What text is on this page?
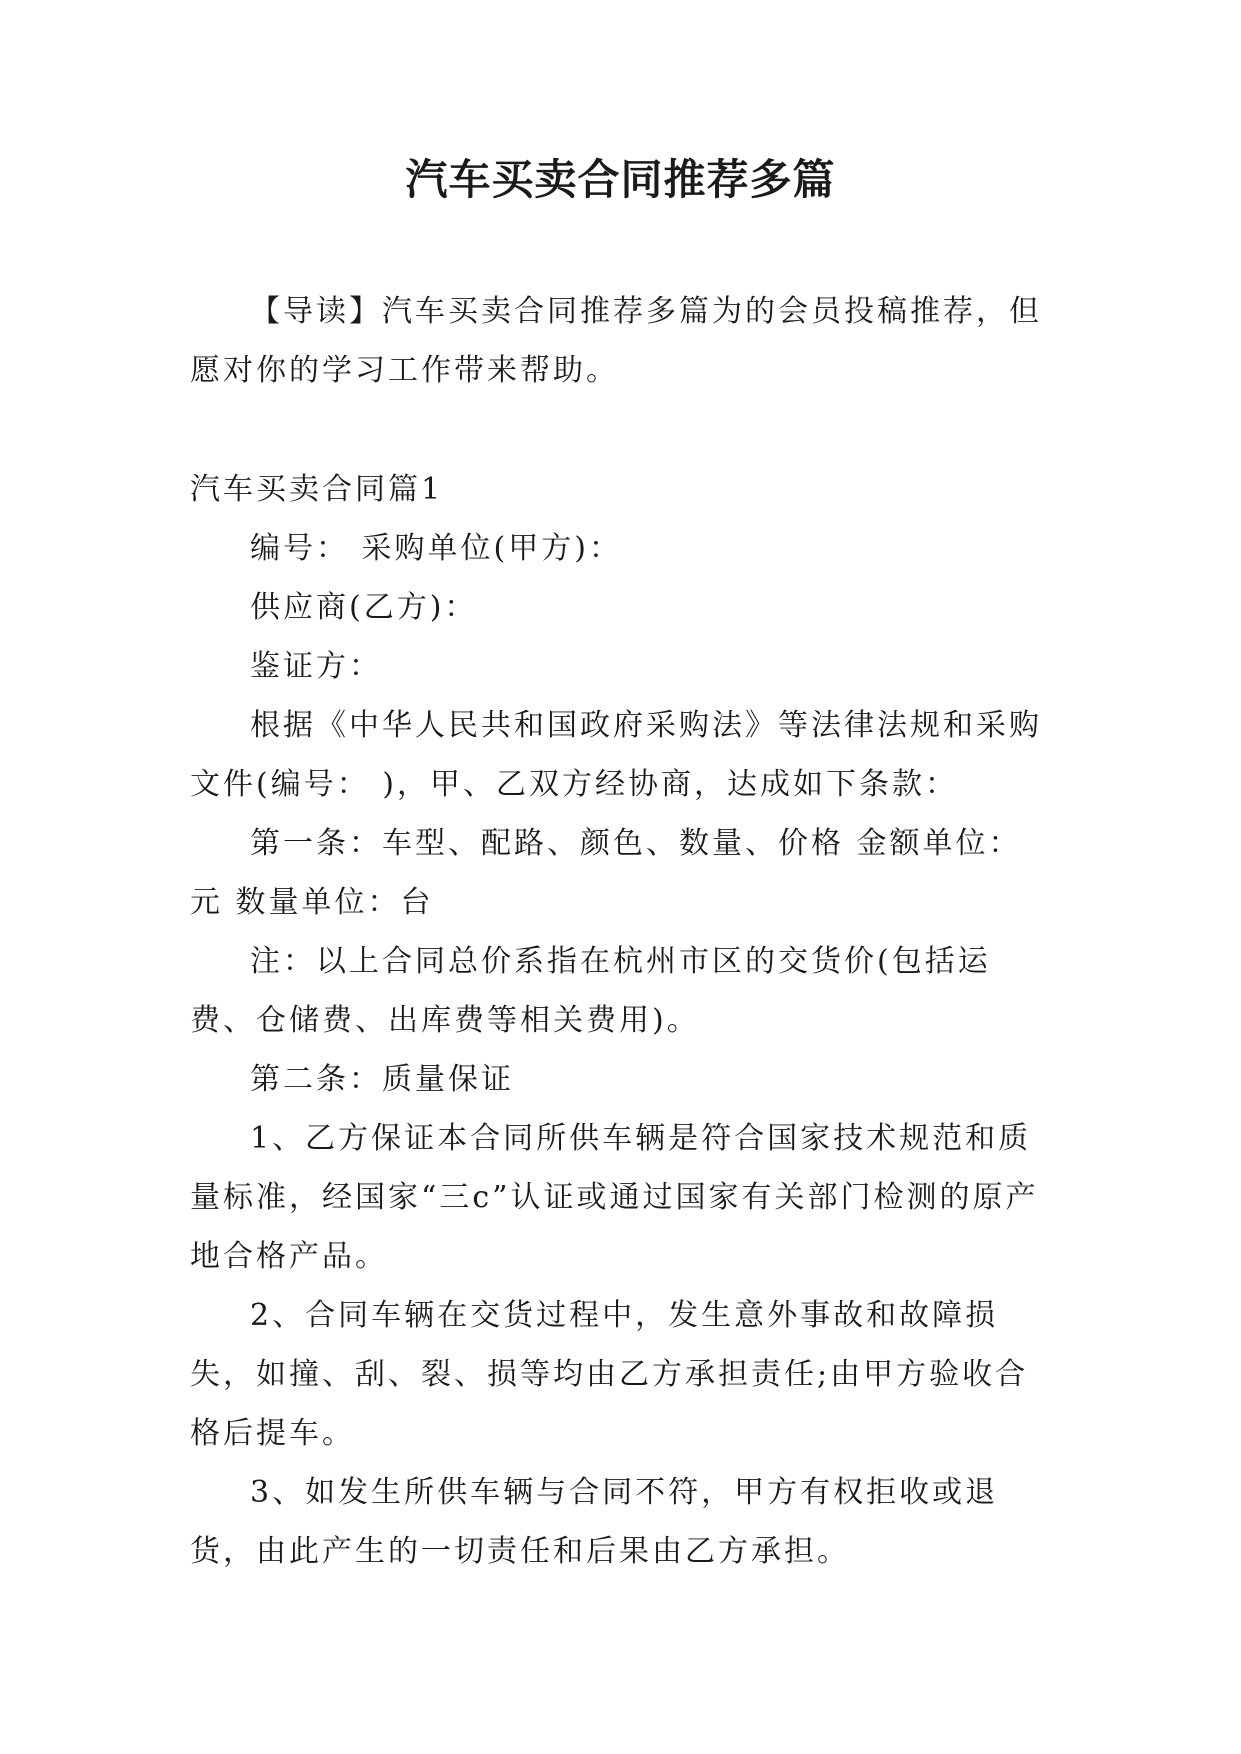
汽车买卖合同推荐多篇

【导读】汽车买卖合同推荐多篇为的会员投稿推荐，但愿对你的学习工作带来帮助。

汽车买卖合同篇1

编号： 采购单位(甲方)：

供应商(乙方)：

鉴证方：

根据《中华人民共和国政府采购法》等法律法规和采购文件(编号： )，甲、乙双方经协商，达成如下条款：

第一条：车型、配路、颜色、数量、价格 金额单位：元 数量单位：台

注：以上合同总价系指在杭州市区的交货价(包括运费、仓储费、出库费等相关费用)。

第二条：质量保证

1、乙方保证本合同所供车辆是符合国家技术规范和质量标准，经国家“三c”认证或通过国家有关部门检测的原产地合格产品。

2、合同车辆在交货过程中，发生意外事故和故障损失，如撞、刮、裂、损等均由乙方承担责任;由甲方验收合格后提车。

3、如发生所供车辆与合同不符，甲方有权拒收或退货，由此产生的一切责任和后果由乙方承担。
